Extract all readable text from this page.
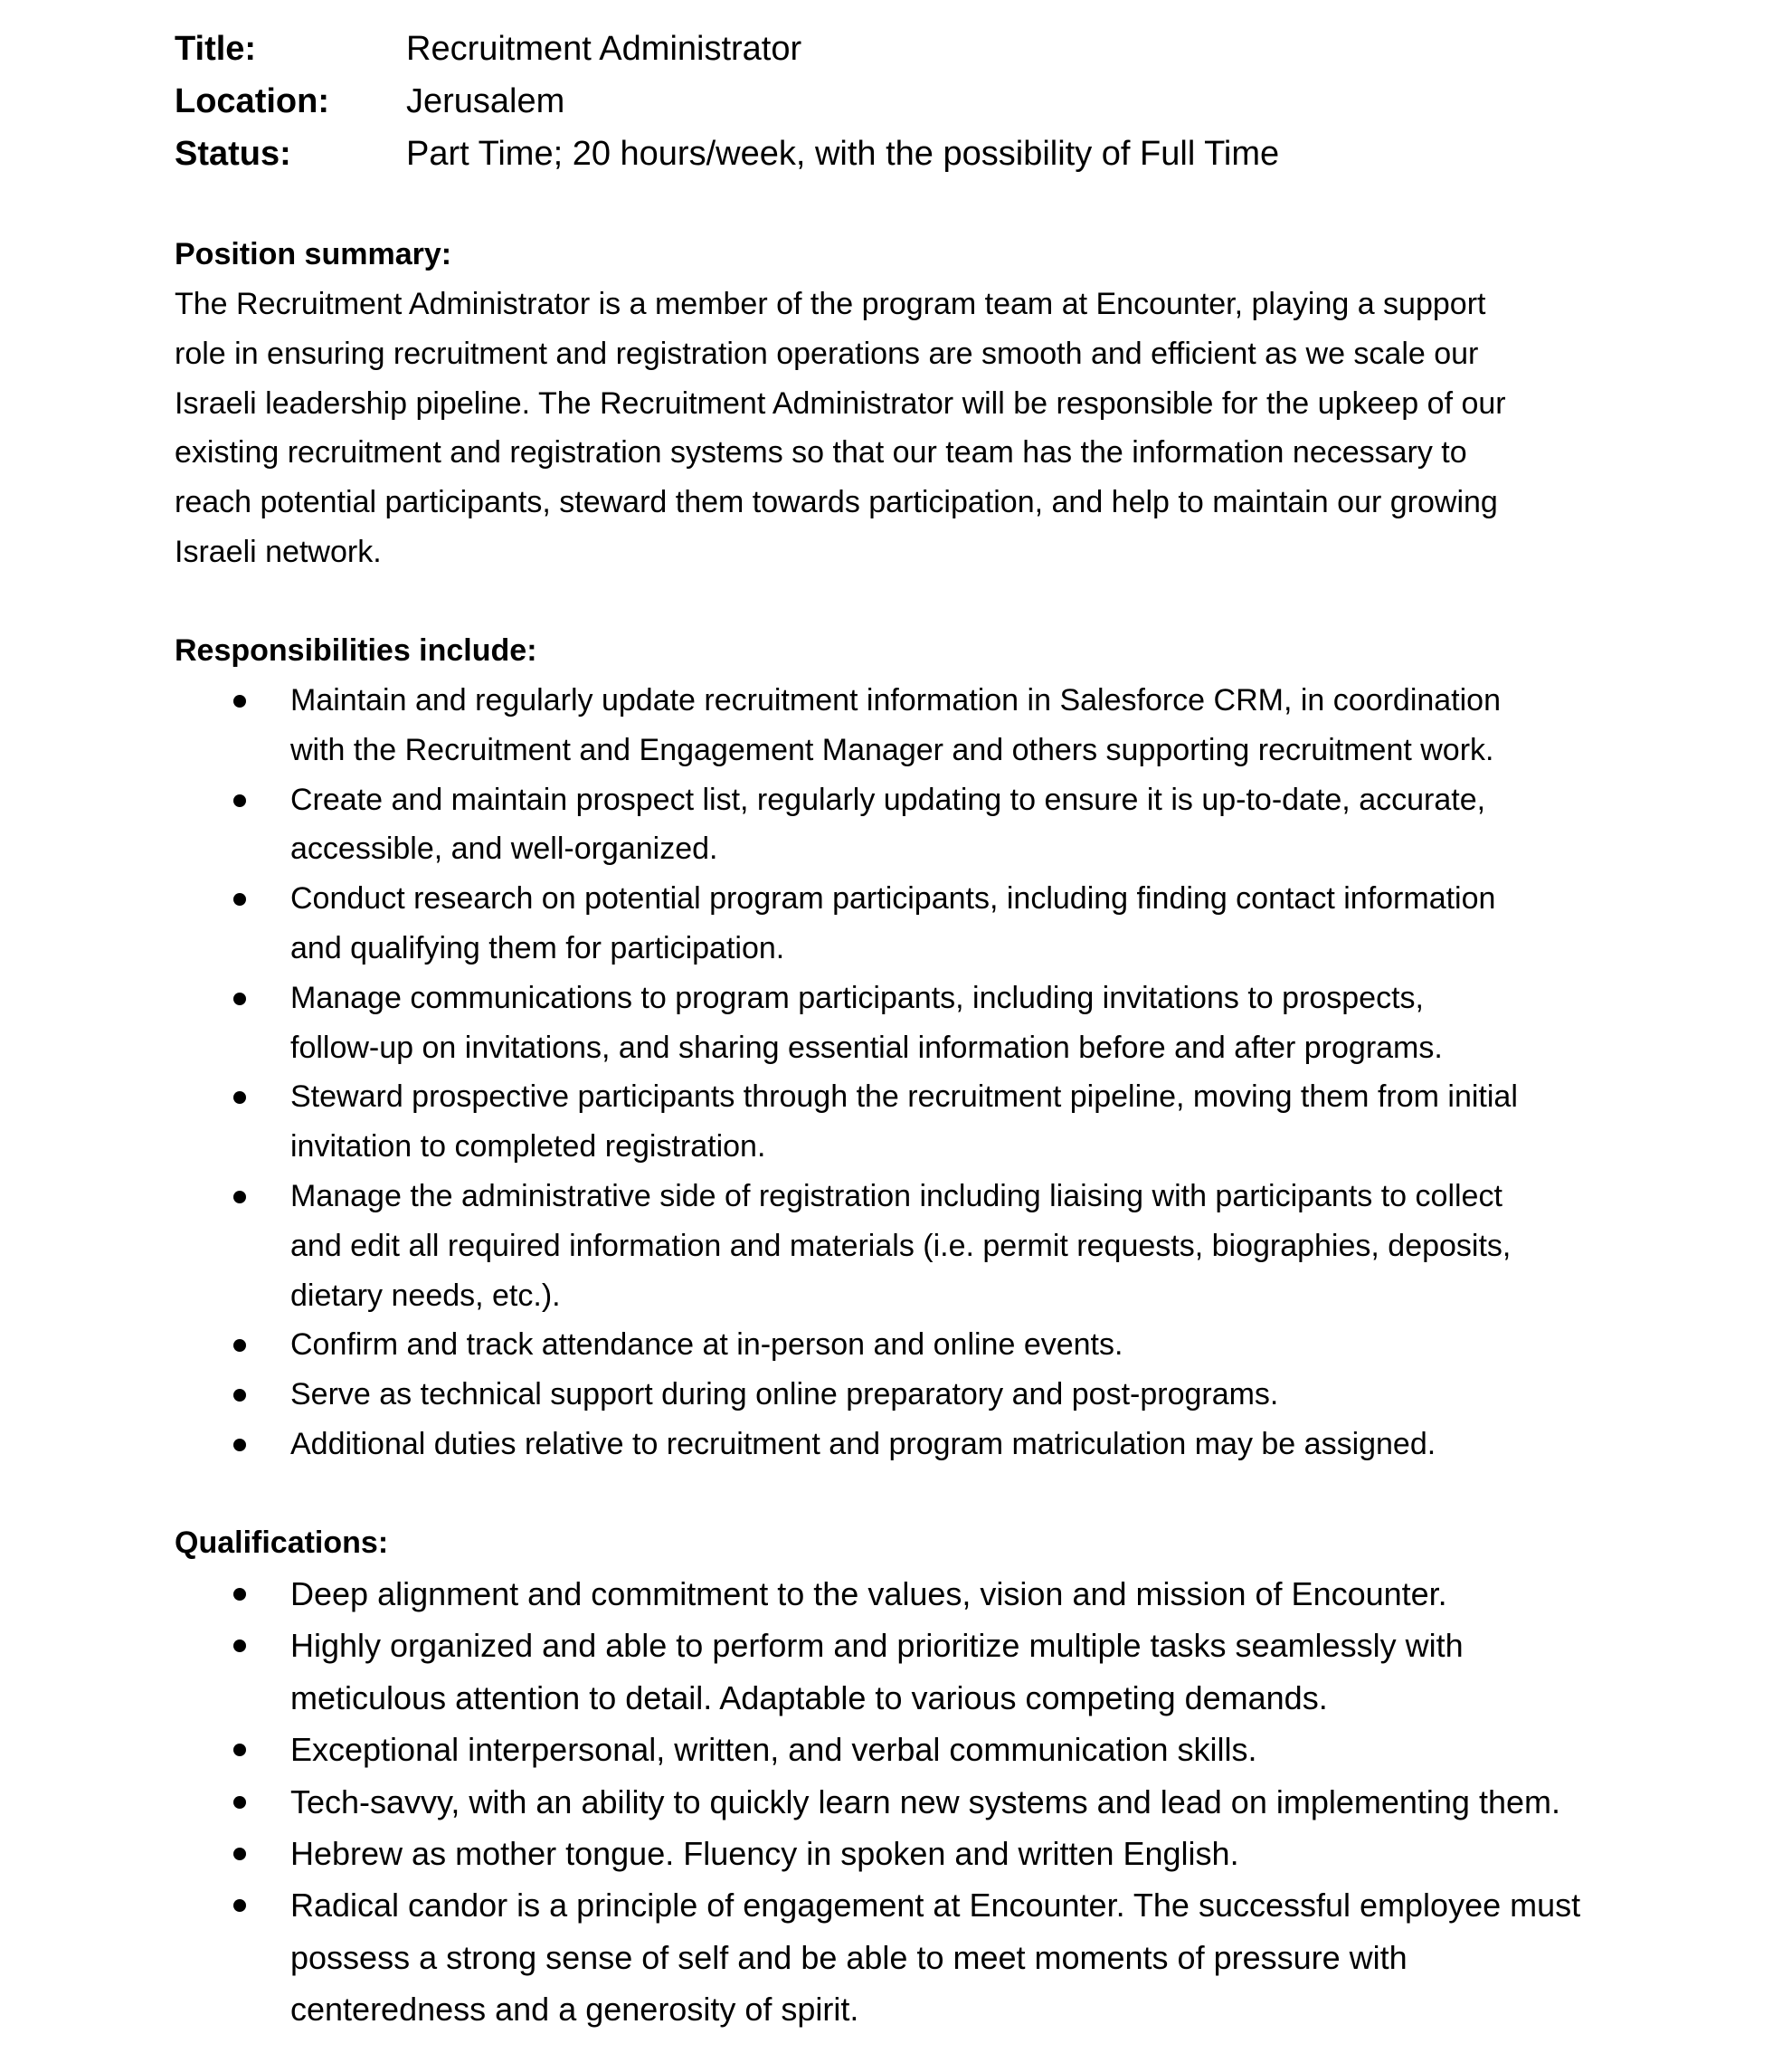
Title:	Recruitment Administrator
Location:	Jerusalem
Status:	Part Time; 20 hours/week, with the possibility of Full Time
Position summary:
The Recruitment Administrator is a member of the program team at Encounter, playing a support
role in ensuring recruitment and registration operations are smooth and efficient as we scale our
Israeli leadership pipeline. The Recruitment Administrator will be responsible for the upkeep of our
existing recruitment and registration systems so that our team has the information necessary to
reach potential participants, steward them towards participation, and help to maintain our growing
Israeli network.
Responsibilities include:
Maintain and regularly update recruitment information in Salesforce CRM, in coordination
with the Recruitment and Engagement Manager and others supporting recruitment work.
Create and maintain prospect list, regularly updating to ensure it is up-to-date, accurate,
accessible, and well-organized.
Conduct research on potential program participants, including finding contact information
and qualifying them for participation.
Manage communications to program participants, including invitations to prospects,
follow-up on invitations, and sharing essential information before and after programs.
Steward prospective participants through the recruitment pipeline, moving them from initial
invitation to completed registration.
Manage the administrative side of registration including liaising with participants to collect
and edit all required information and materials (i.e. permit requests, biographies, deposits,
dietary needs, etc.).
Confirm and track attendance at in-person and online events.
Serve as technical support during online preparatory and post-programs.
Additional duties relative to recruitment and program matriculation may be assigned.
Qualifications:
Deep alignment and commitment to the values, vision and mission of Encounter.
Highly organized and able to perform and prioritize multiple tasks seamlessly with
meticulous attention to detail. Adaptable to various competing demands.
Exceptional interpersonal, written, and verbal communication skills.
Tech-savvy, with an ability to quickly learn new systems and lead on implementing them.
Hebrew as mother tongue. Fluency in spoken and written English.
Radical candor is a principle of engagement at Encounter. The successful employee must
possess a strong sense of self and be able to meet moments of pressure with
centeredness and a generosity of spirit.
